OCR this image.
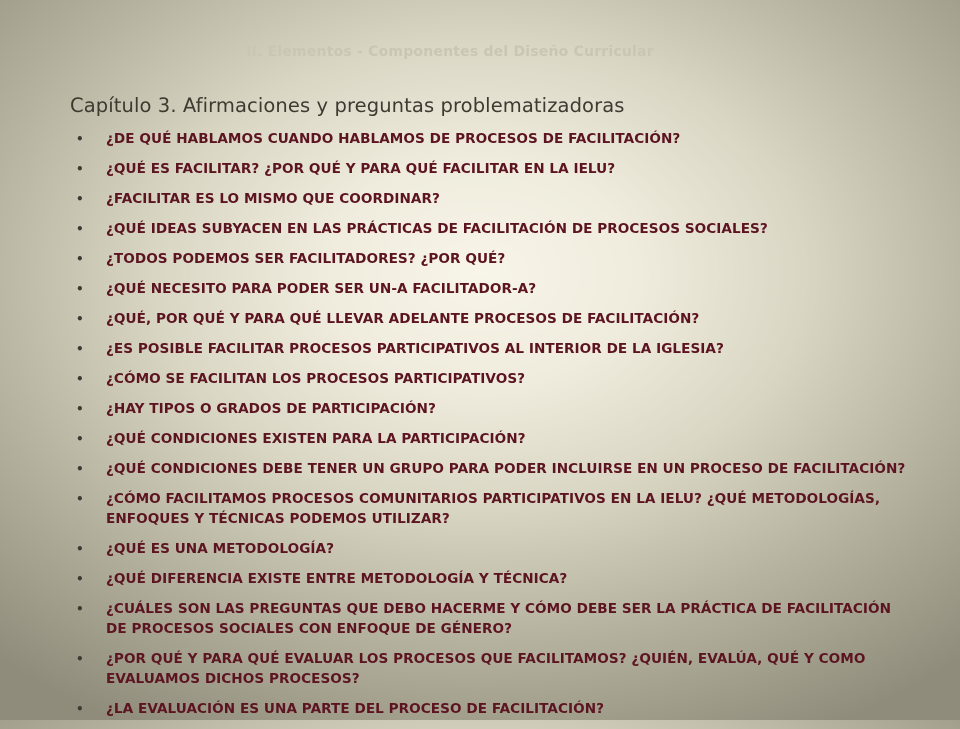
II. Elementos - Componentes del Diseño Curricular
Capítulo 3. Afirmaciones y preguntas problematizadoras
• ¿DE QUÉ HABLAMOS CUANDO HABLAMOS DE PROCESOS DE FACILITACIÓN?
• ¿QUÉ ES FACILITAR? ¿POR QUÉ Y PARA QUÉ FACILITAR EN LA IELU?
• ¿FACILITAR ES LO MISMO QUE COORDINAR?
• ¿QUÉ IDEAS SUBYACEN EN LAS PRÁCTICAS DE FACILITACIÓN DE PROCESOS SOCIALES?
• ¿TODOS PODEMOS SER FACILITADORES? ¿POR QUÉ?
• ¿QUÉ NECESITO PARA PODER SER UN-A FACILITADOR-A?
• ¿QUÉ, POR QUÉ Y PARA QUÉ LLEVAR ADELANTE PROCESOS DE FACILITACIÓN?
• ¿ES POSIBLE FACILITAR PROCESOS PARTICIPATIVOS AL INTERIOR DE LA IGLESIA?
• ¿CÓMO SE FACILITAN LOS PROCESOS PARTICIPATIVOS?
• ¿HAY TIPOS O GRADOS DE PARTICIPACIÓN?
• ¿QUÉ CONDICIONES EXISTEN PARA LA PARTICIPACIÓN?
• ¿QUÉ CONDICIONES DEBE TENER UN GRUPO PARA PODER INCLUIRSE EN UN PROCESO DE FACILITACIÓN?
• ¿CÓMO FACILITAMOS PROCESOS COMUNITARIOS PARTICIPATIVOS EN LA IELU? ¿QUÉ METODOLOGÍAS, ENFOQUES Y TÉCNICAS PODEMOS UTILIZAR?
• ¿QUÉ ES UNA METODOLOGÍA?
• ¿QUÉ DIFERENCIA EXISTE ENTRE METODOLOGÍA Y TÉCNICA?
• ¿CUÁLES SON LAS PREGUNTAS QUE DEBO HACERME Y CÓMO DEBE SER LA PRÁCTICA DE FACILITACIÓN DE PROCESOS SOCIALES CON ENFOQUE DE GÉNERO?
• ¿POR QUÉ Y PARA QUÉ EVALUAR LOS PROCESOS QUE FACILITAMOS? ¿QUIÉN, EVALÚA, QUÉ Y COMO EVALUAMOS DICHOS PROCESOS?
• ¿LA EVALUACIÓN ES UNA PARTE DEL PROCESO DE FACILITACIÓN?
